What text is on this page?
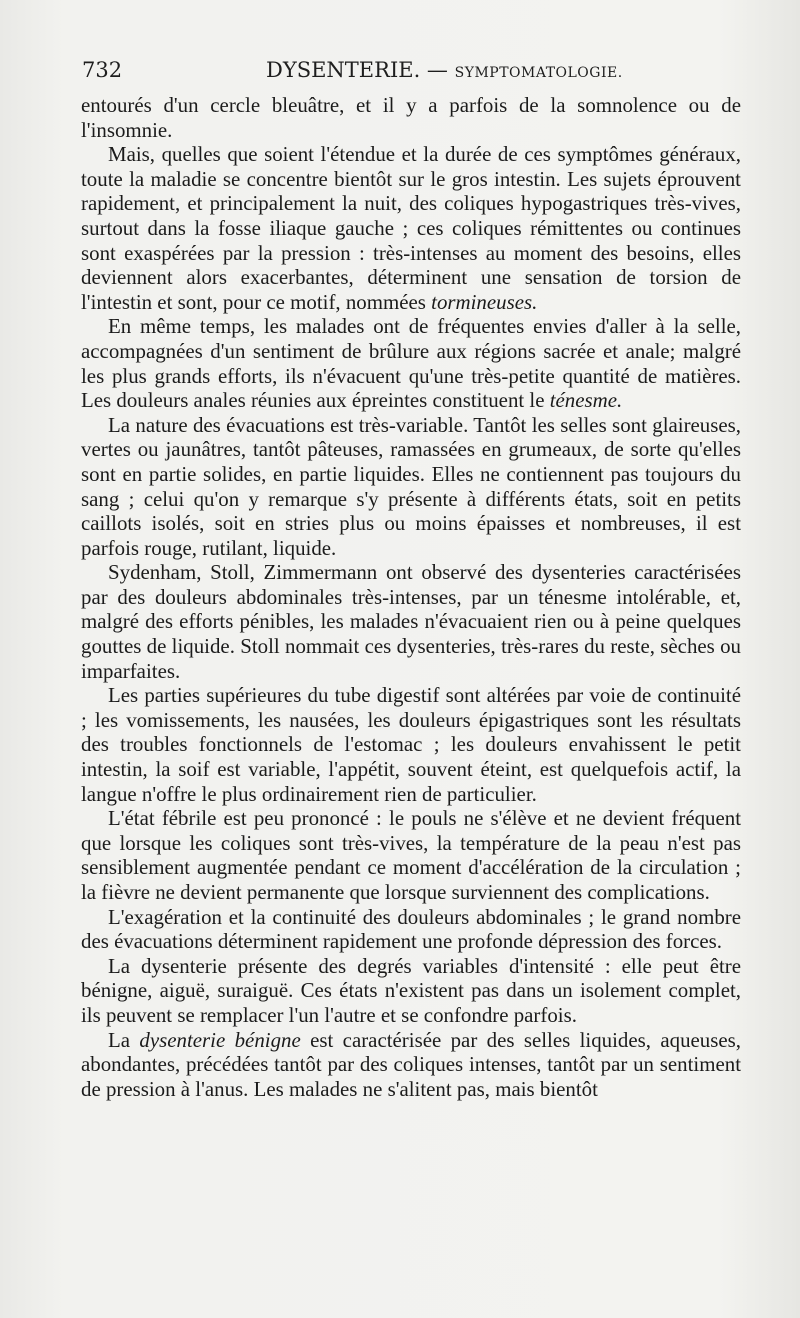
732	DYSENTERIE. — SYMPTOMATOLOGIE.

entourés d'un cercle bleuâtre, et il y a parfois de la somnolence ou de l'insomnie.

Mais, quelles que soient l'étendue et la durée de ces symptômes généraux, toute la maladie se concentre bientôt sur le gros intestin. Les sujets éprouvent rapidement, et principalement la nuit, des coliques hypogastriques très-vives, surtout dans la fosse iliaque gauche ; ces coliques rémittentes ou continues sont exaspérées par la pression : très-intenses au moment des besoins, elles deviennent alors exacerbantes, déterminent une sensation de torsion de l'intestin et sont, pour ce motif, nommées tormineuses.

En même temps, les malades ont de fréquentes envies d'aller à la selle, accompagnées d'un sentiment de brûlure aux régions sacrée et anale; malgré les plus grands efforts, ils n'évacuent qu'une très-petite quantité de matières. Les douleurs anales réunies aux épreintes constituent le ténesme.

La nature des évacuations est très-variable. Tantôt les selles sont glaireuses, vertes ou jaunâtres, tantôt pâteuses, ramassées en grumeaux, de sorte qu'elles sont en partie solides, en partie liquides. Elles ne contiennent pas toujours du sang ; celui qu'on y remarque s'y présente à différents états, soit en petits caillots isolés, soit en stries plus ou moins épaisses et nombreuses, il est parfois rouge, rutilant, liquide.

Sydenham, Stoll, Zimmermann ont observé des dysenteries caractérisées par des douleurs abdominales très-intenses, par un ténesme intolérable, et, malgré des efforts pénibles, les malades n'évacuaient rien ou à peine quelques gouttes de liquide. Stoll nommait ces dysenteries, très-rares du reste, sèches ou imparfaites.

Les parties supérieures du tube digestif sont altérées par voie de continuité ; les vomissements, les nausées, les douleurs épigastriques sont les résultats des troubles fonctionnels de l'estomac ; les douleurs envahissent le petit intestin, la soif est variable, l'appétit, souvent éteint, est quelquefois actif, la langue n'offre le plus ordinairement rien de particulier.

L'état fébrile est peu prononcé : le pouls ne s'élève et ne devient fréquent que lorsque les coliques sont très-vives, la température de la peau n'est pas sensiblement augmentée pendant ce moment d'accélération de la circulation ; la fièvre ne devient permanente que lorsque surviennent des complications.

L'exagération et la continuité des douleurs abdominales ; le grand nombre des évacuations déterminent rapidement une profonde dépression des forces.

La dysenterie présente des degrés variables d'intensité : elle peut être bénigne, aiguë, suraiguë. Ces états n'existent pas dans un isolement complet, ils peuvent se remplacer l'un l'autre et se confondre parfois.

La dysenterie bénigne est caractérisée par des selles liquides, aqueuses, abondantes, précédées tantôt par des coliques intenses, tantôt par un sentiment de pression à l'anus. Les malades ne s'alitent pas, mais bientôt
